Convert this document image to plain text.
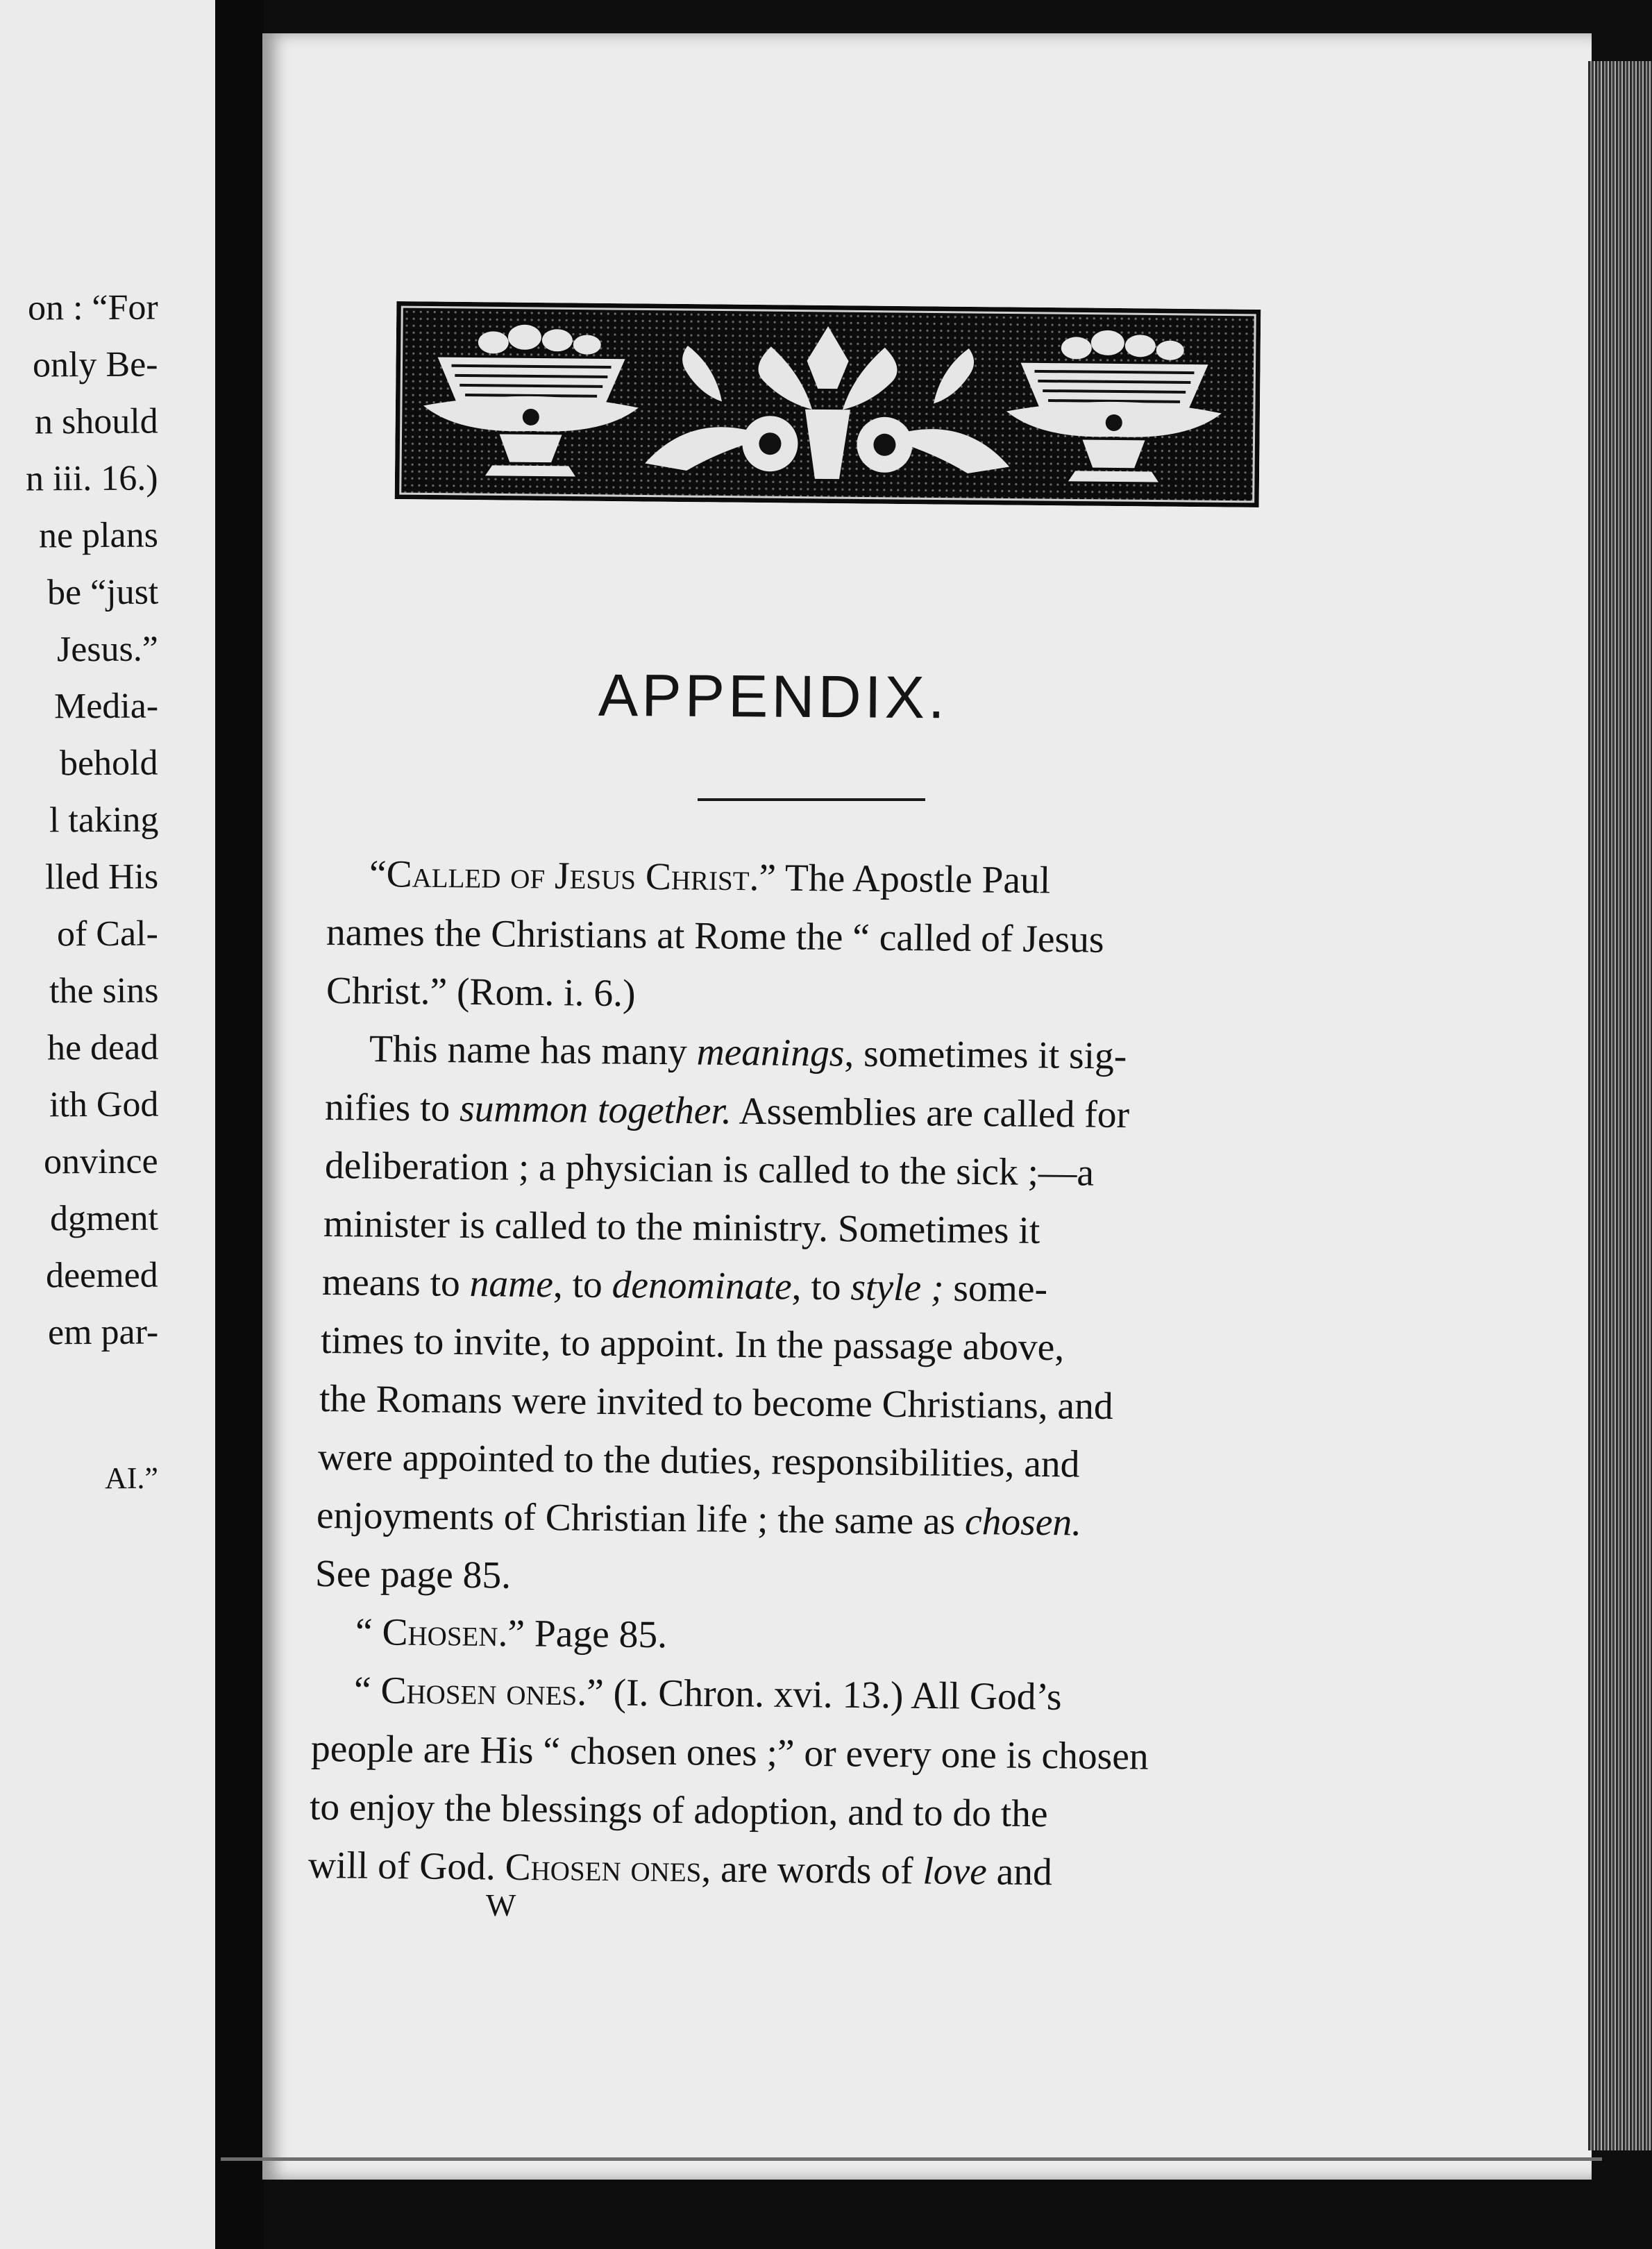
on : “For
only Be-
n should
n iii. 16.)
ne plans
be “just
Jesus.”
Media-
behold
l taking
lled His
of Cal-
the sins
he dead
ith God
onvince
dgment
deemed
em par-
AI.”
APPENDIX.
“Called of Jesus Christ.” The Apostle Paul
names the Christians at Rome the “ called of Jesus
Christ.” (Rom. i. 6.)
This name has many meanings, sometimes it sig-
nifies to summon together. Assemblies are called for
deliberation ; a physician is called to the sick ;—a
minister is called to the ministry. Sometimes it
means to name, to denominate, to style ; some-
times to invite, to appoint. In the passage above,
the Romans were invited to become Christians, and
were appointed to the duties, responsibilities, and
enjoyments of Christian life ; the same as chosen.
See page 85.
“ Chosen.” Page 85.
“ Chosen ones.” (I. Chron. xvi. 13.) All God’s
people are His “ chosen ones ;” or every one is chosen
to enjoy the blessings of adoption, and to do the
will of God. Chosen ones, are words of love and
W
